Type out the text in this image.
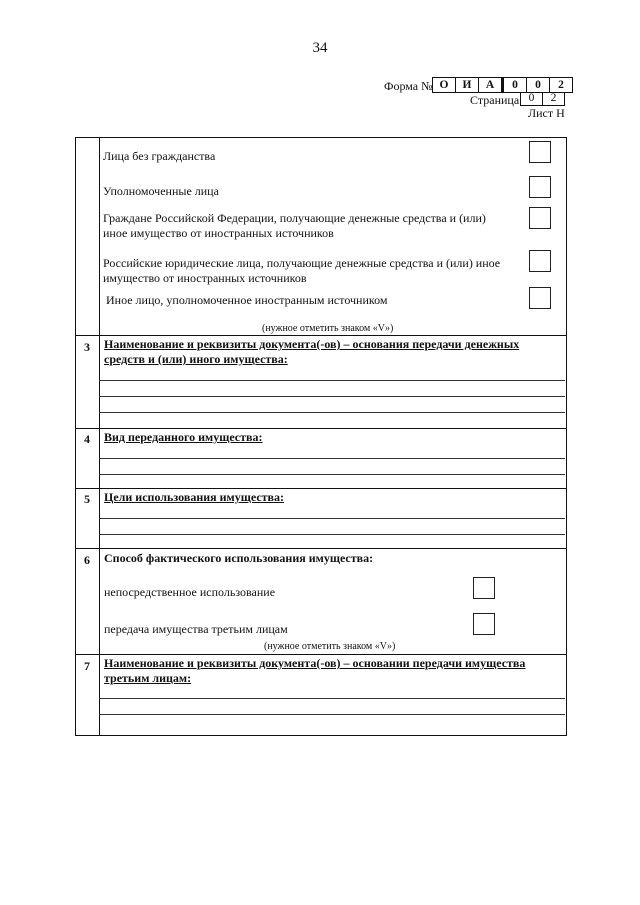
34
Форма № О	И	А	0	0	2
Страница 0	2
Лист Н
Лица без гражданства
Уполномоченные лица
Граждане Российской Федерации, получающие денежные средства и (или) иное имущество от иностранных источников
Российские юридические лица, получающие денежные средства и (или) иное имущество от иностранных источников
Иное лицо, уполномоченное иностранным источником
(нужное отметить знаком «V»)
3	Наименование и реквизиты документа(-ов) – основания передачи денежных средств и (или) иного имущества:
4	Вид переданного имущества:
5	Цели использования имущества:
6	Способ фактического использования имущества:
непосредственное использование
передача имущества третьим лицам
(нужное отметить знаком «V»)
7	Наименование и реквизиты документа(-ов) – основании передачи имущества третьим лицам:
